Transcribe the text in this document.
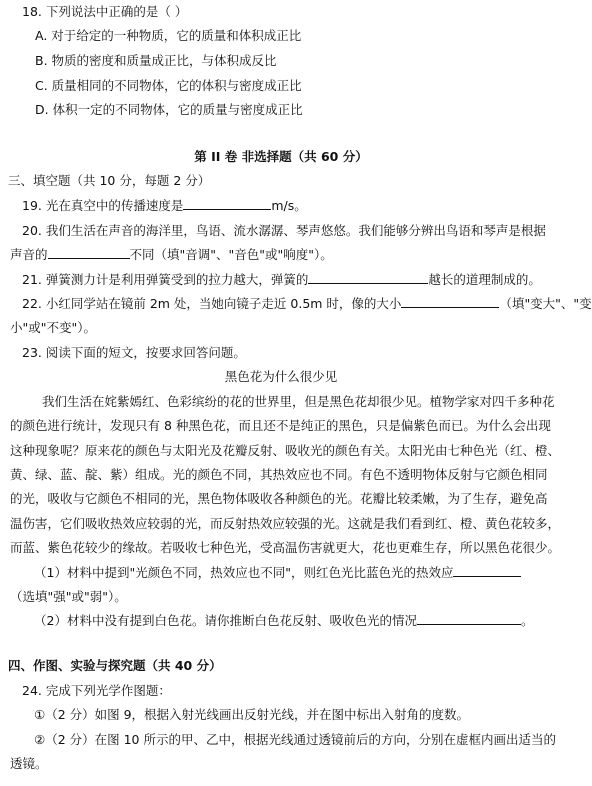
18. 下列说法中正确的是（ ）
A. 对于给定的一种物质，它的质量和体积成正比
B. 物质的密度和质量成正比，与体积成反比
C. 质量相同的不同物体，它的体积与密度成正比
D. 体积一定的不同物体，它的质量与密度成正比
第 II 卷 非选择题（共 60 分）
三、填空题（共 10 分，每题 2 分）
19. 光在真空中的传播速度是	m/s。
20. 我们生活在声音的海洋里，鸟语、流水潺潺、琴声悠悠。我们能够分辨出鸟语和琴声是根据
声音的	不同（填"音调"、"音色"或"响度"）。
21. 弹簧测力计是利用弹簧受到的拉力越大，弹簧的	越长的道理制成的。
22. 小红同学站在镜前 2m 处，当她向镜子走近 0.5m 时，像的大小	（填"变大"、"变
小"或"不变"）。
23. 阅读下面的短文，按要求回答问题。
黑色花为什么很少见
我们生活在姹紫嫣红、色彩缤纷的花的世界里，但是黑色花却很少见。植物学家对四千多种花
的颜色进行统计，发现只有 8 种黑色花，而且还不是纯正的黑色，只是偏紫色而已。为什么会出现
这种现象呢？原来花的颜色与太阳光及花瓣反射、吸收光的颜色有关。太阳光由七种色光（红、橙、
黄、绿、蓝、靛、紫）组成。光的颜色不同，其热效应也不同。有色不透明物体反射与它颜色相同
的光，吸收与它颜色不相同的光，黑色物体吸收各种颜色的光。花瓣比较柔嫩，为了生存，避免高
温伤害，它们吸收热效应较弱的光，而反射热效应较强的光。这就是我们看到红、橙、黄色花较多，
而蓝、紫色花较少的缘故。若吸收七种色光，受高温伤害就更大，花也更难生存，所以黑色花很少。
（1）材料中提到"光颜色不同，热效应也不同"，则红色光比蓝色光的热效应
（选填"强"或"弱"）。
（2）材料中没有提到白色花。请你推断白色花反射、吸收色光的情况	。
四、作图、实验与探究题（共 40 分）
24. 完成下列光学作图题：
①（2 分）如图 9，根据入射光线画出反射光线，并在图中标出入射角的度数。
②（2 分）在图 10 所示的甲、乙中，根据光线通过透镜前后的方向，分别在虚框内画出适当的
透镜。
